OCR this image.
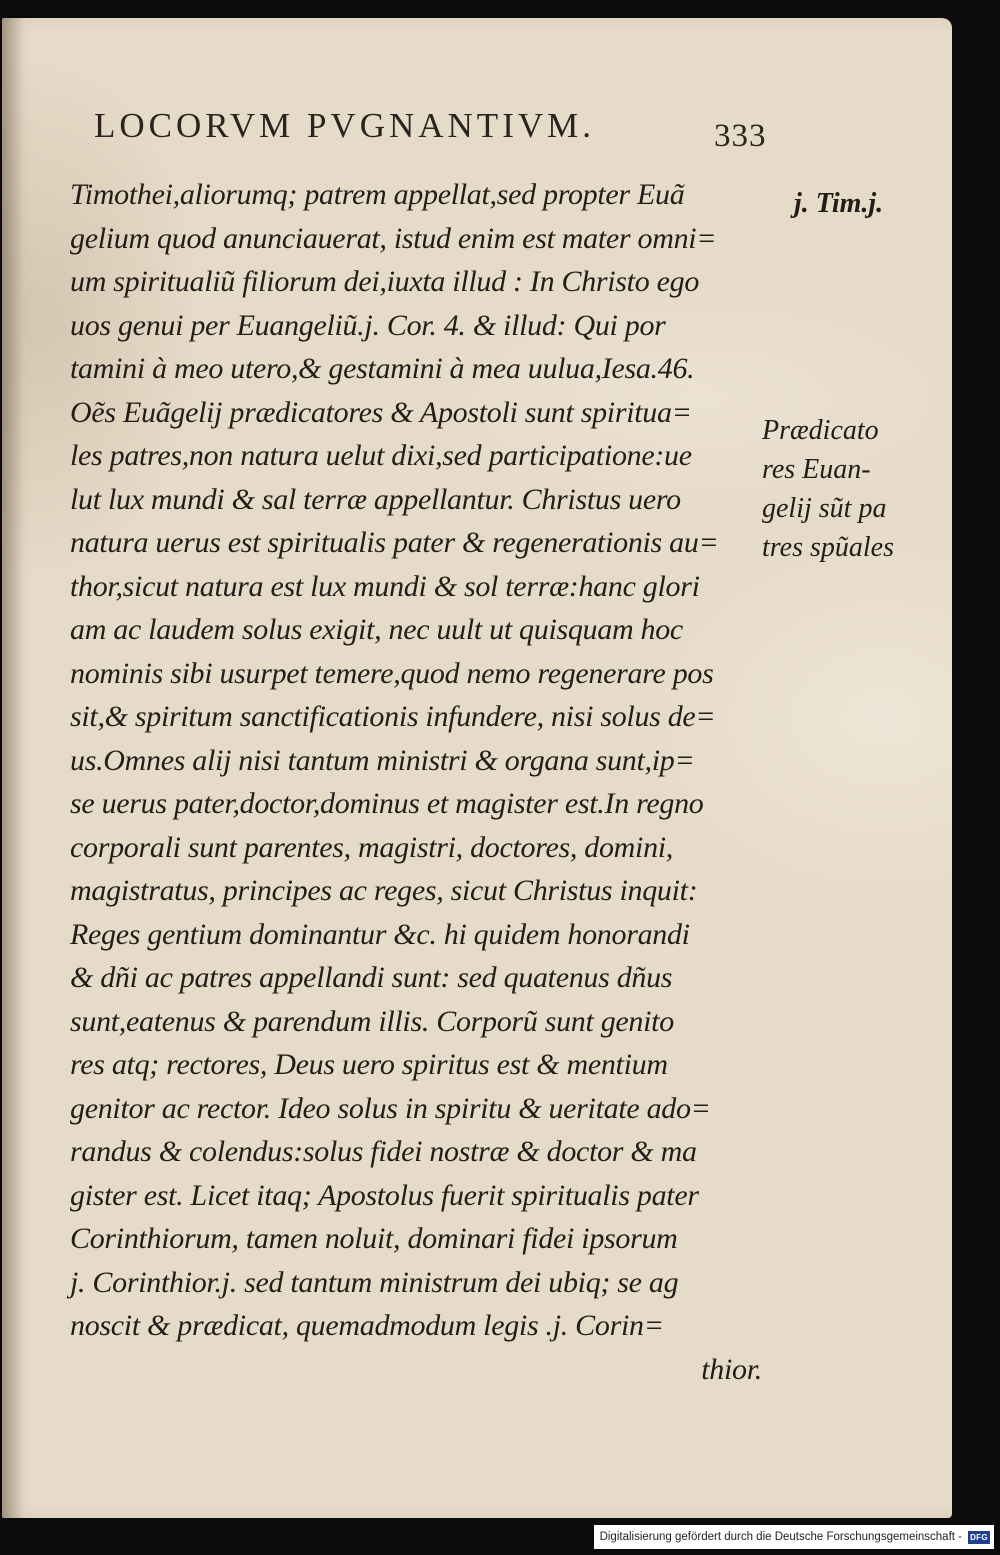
LOCORVM PVGNANTIVM.	333
Timothei,aliorumq; patrem appellat,sed propter Euã
gelium quod anunciauerat, istud enim est mater omni=
um spiritualiũ filiorum dei,iuxta illud : In Christo ego
uos genui per Euangeliũ.j. Cor. 4. & illud: Qui por
tamini à meo utero,& gestamini à mea uulua,Iesa.46.
Oẽs Euãgelij prædicatores & Apostoli sunt spiritua=
les patres,non natura uelut dixi,sed participatione:ue
lut lux mundi & sal terræ appellantur. Christus uero
natura uerus est spiritualis pater & regenerationis au=
thor,sicut natura est lux mundi & sol terræ:hanc glori
am ac laudem solus exigit, nec uult ut quisquam hoc
nominis sibi usurpet temere,quod nemo regenerare pos
sit,& spiritum sanctificationis infundere, nisi solus de=
us.Omnes alij nisi tantum ministri & organa sunt,ip=
se uerus pater,doctor,dominus et magister est.In regno
corporali sunt parentes, magistri, doctores, domini,
magistratus, principes ac reges, sicut Christus inquit:
Reges gentium dominantur &c. hi quidem honorandi
& dñi ac patres appellandi sunt: sed quatenus dñus
sunt,eatenus & parendum illis. Corporũ sunt genito
res atq; rectores, Deus uero spiritus est & mentium
genitor ac rector. Ideo solus in spiritu & ueritate ado=
randus & colendus:solus fidei nostræ & doctor & ma
gister est. Licet itaq; Apostolus fuerit spiritualis pater
Corinthiorum, tamen noluit, dominari fidei ipsorum
j. Corinthior.j. sed tantum ministrum dei ubiq; se ag
noscit & prædicat, quemadmodum legis .j. Corin=
thior.
j. Tim.j.
Prædicato
res Euan-
gelij sũt pa
tres spũales
Digitalisierung gefördert durch die Deutsche Forschungsgemeinschaft - DFG
